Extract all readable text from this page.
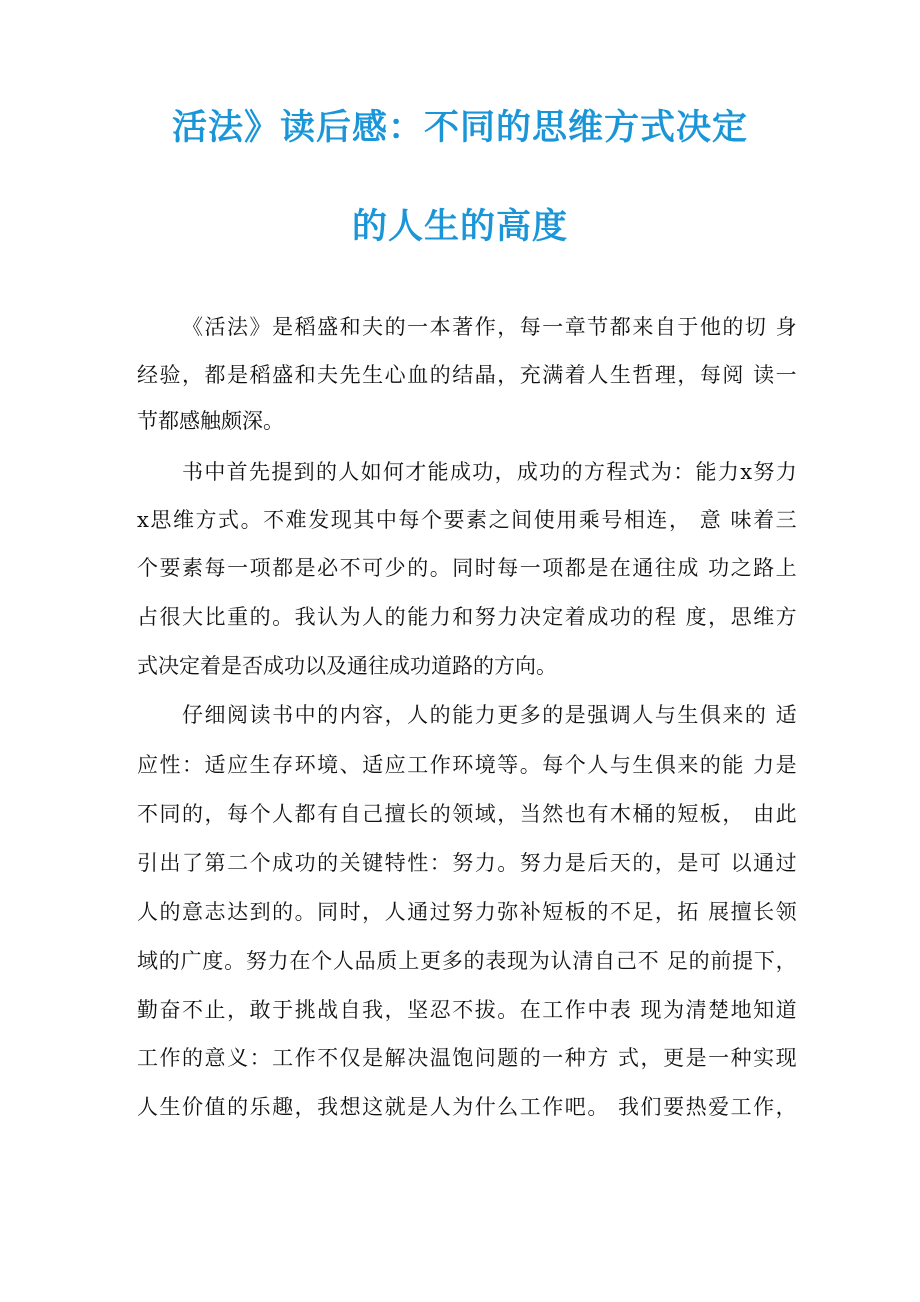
活法》读后感：不同的思维方式决定
的人生的高度
《 活 法 》 是 稻 盛 和 夫 的 一 本 著 作 ， 每 一 章 节 都 来 自 于 他 的 切
身
经 验 ， 都 是 稻 盛 和 夫 先 生 心 血 的 结 晶 ， 充 满 着 人 生 哲 理 ， 每 阅
读 一
节 都 感 触 颇 深 。
书 中 首 先 提 到 的 人 如 何 才 能 成 功 ， 成 功 的 方 程 式 为 ： 能 力 x 努 力
x 思 维 方 式 。 不 难 发 现 其 中 每 个 要 素 之 间 使 用 乘 号 相 连 ，
意
味 着 三
个 要 素 每 一 项 都 是 必 不 可 少 的 。 同 时 每 一 项 都 是 在 通 往 成
功 之 路 上
占 很 大 比 重 的 。 我 认 为 人 的 能 力 和 努 力 决 定 着 成 功 的 程
度 ， 思 维 方
式 决 定 着 是 否 成 功 以 及 通 往 成 功 道 路 的 方 向 。
仔 细 阅 读 书 中 的 内 容 ， 人 的 能 力 更 多 的 是 强 调 人 与 生 俱 来 的
适
应 性 ： 适 应 生 存 环 境 、 适 应 工 作 环 境 等 。 每 个 人 与 生 俱 来 的 能
力 是
不 同 的 ， 每 个 人 都 有 自 己 擅 长 的 领 域 ， 当 然 也 有 木 桶 的 短 板 ，
由 此
引 出 了 第 二 个 成 功 的 关 键 特 性 ： 努 力 。 努 力 是 后 天 的 ， 是 可
以 通 过
人 的 意 志 达 到 的 。 同 时 ， 人 通 过 努 力 弥 补 短 板 的 不 足 ， 拓
展 擅 长 领
域 的 广 度 。 努 力 在 个 人 品 质 上 更 多 的 表 现 为 认 清 自 己 不
足 的 前 提 下 ，
勤 奋 不 止 ， 敢 于 挑 战 自 我 ， 坚 忍 不 拔 。 在 工 作 中 表
现 为 清 楚 地 知 道
工 作 的 意 义 ： 工 作 不 仅 是 解 决 温 饱 问 题 的 一 种 方
式 ， 更 是 一 种 实 现
人 生 价 值 的 乐 趣 ， 我 想 这 就 是 人 为 什 么 工 作 吧 。
我 们 要 热 爱 工 作 ，
